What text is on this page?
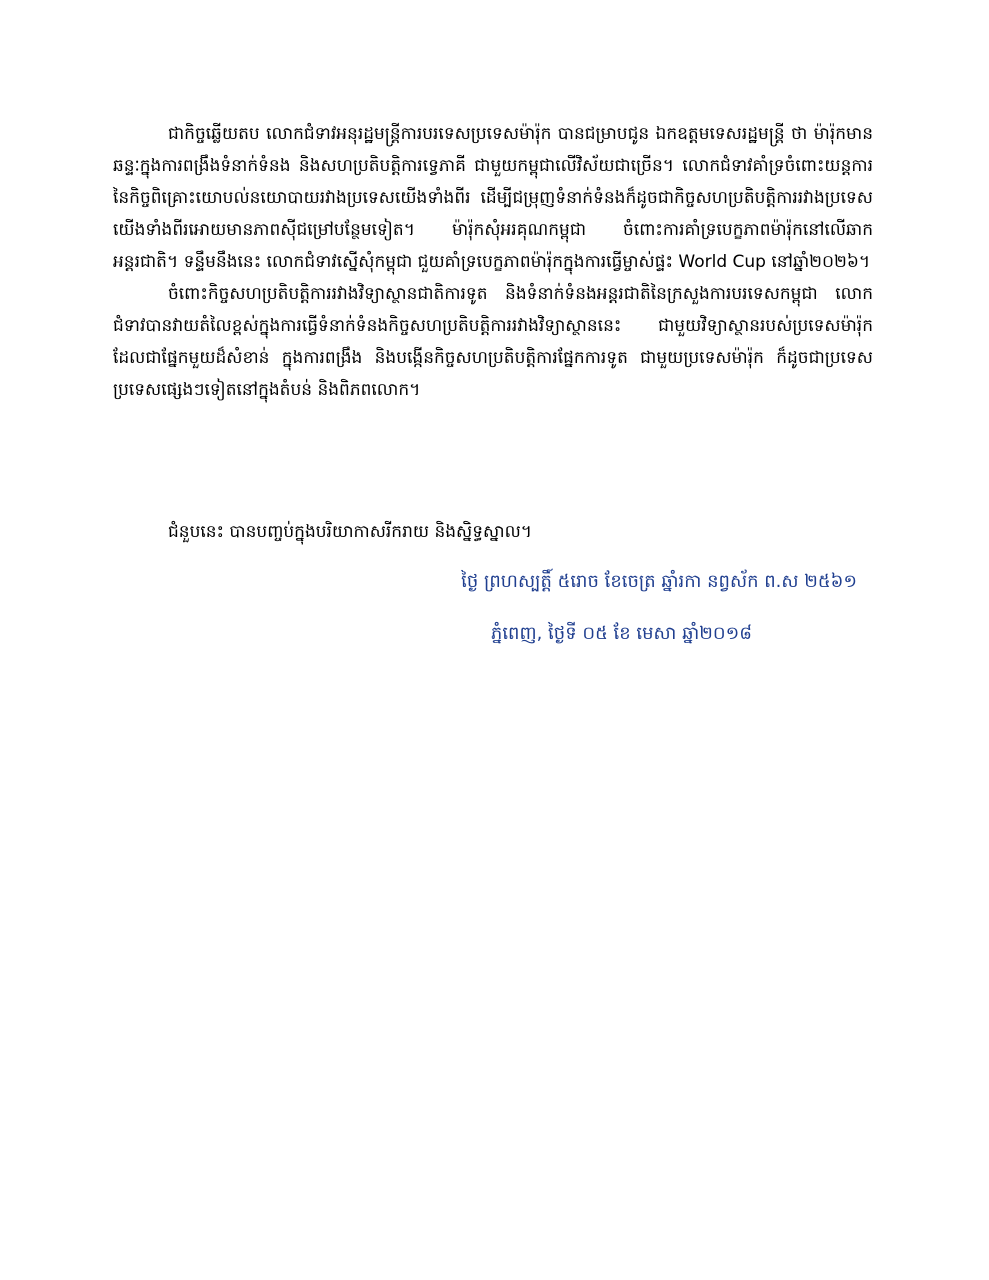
ជាកិច្ចឆ្លើយតប លោកជំទាវអនុរដ្ឋមន្ត្រីការបរទេសប្រទេសម៉ារ៉ុក បានជម្រាបជូន ឯកឧត្តមទេសរដ្ឋមន្ត្រី ថា ម៉ារ៉ុកមានឆន្ទៈក្នុងការពង្រឹងទំនាក់ទំនង និងសហប្រតិបត្តិការទ្វេភាគី ជាមួយកម្ពុជាលើវិស័យជាច្រើន។ លោកជំទាវគាំទ្រចំពោះយន្តការនៃកិច្ចពិគ្រោះយោបល់នយោបាយរវាងប្រទេសយើងទាំងពីរ ដើម្បីជម្រុញទំនាក់ទំនងក៏ដូចជាកិច្ចសហប្រតិបត្តិការរវាងប្រទេសយើងទាំងពីរអោយមានភាពស៊ីជម្រៅបន្ថែមទៀត។ ម៉ារ៉ុកសុំអរគុណកម្ពុជា ចំពោះការគាំទ្របេក្ខភាពម៉ារ៉ុកនៅលើឆាកអន្តរជាតិ។ ទន្ទឹមនឹងនេះ លោកជំទាវស្នើសុំកម្ពុជា ជួយគាំទ្របេក្ខភាពម៉ារ៉ុកក្នុងការធ្វើម្ចាស់ផ្ទះ World Cup នៅឆ្នាំ២០២៦។

ចំពោះកិច្ចសហប្រតិបត្តិការរវាងវិទ្យាស្ថានជាតិការទូត និងទំនាក់ទំនងអន្តរជាតិនៃក្រសួងការបរទេសកម្ពុជា លោកជំទាវបានវាយតំលៃខ្ពស់ក្នុងការធ្វើទំនាក់ទំនងកិច្ចសហប្រតិបត្តិការរវាងវិទ្យាស្ថាននេះ ជាមួយវិទ្យាស្ថានរបស់ប្រទេសម៉ារ៉ុក ដែលជាផ្នែកមួយដ៏សំខាន់ ក្នុងការពង្រឹង និងបង្កើនកិច្ចសហប្រតិបត្តិការផ្នែកការទូត ជាមួយប្រទេសម៉ារ៉ុក ក៏ដូចជាប្រទេសប្រទេសផ្សេងៗទៀតនៅក្នុងតំបន់ និងពិភពលោក។

ជំនួបនេះ បានបញ្ចប់ក្នុងបរិយាកាសរីករាយ និងស្និទ្ធស្នាល។

ថ្ងៃ ព្រហស្បត្តិ៍ ៥រោច ខែចេត្រ ឆ្នាំរកា នព្វស័ក ព.ស ២៥៦១

ភ្នំពេញ, ថ្ងៃទី ០៥ ខែ មេសា ឆ្នាំ២០១៨
